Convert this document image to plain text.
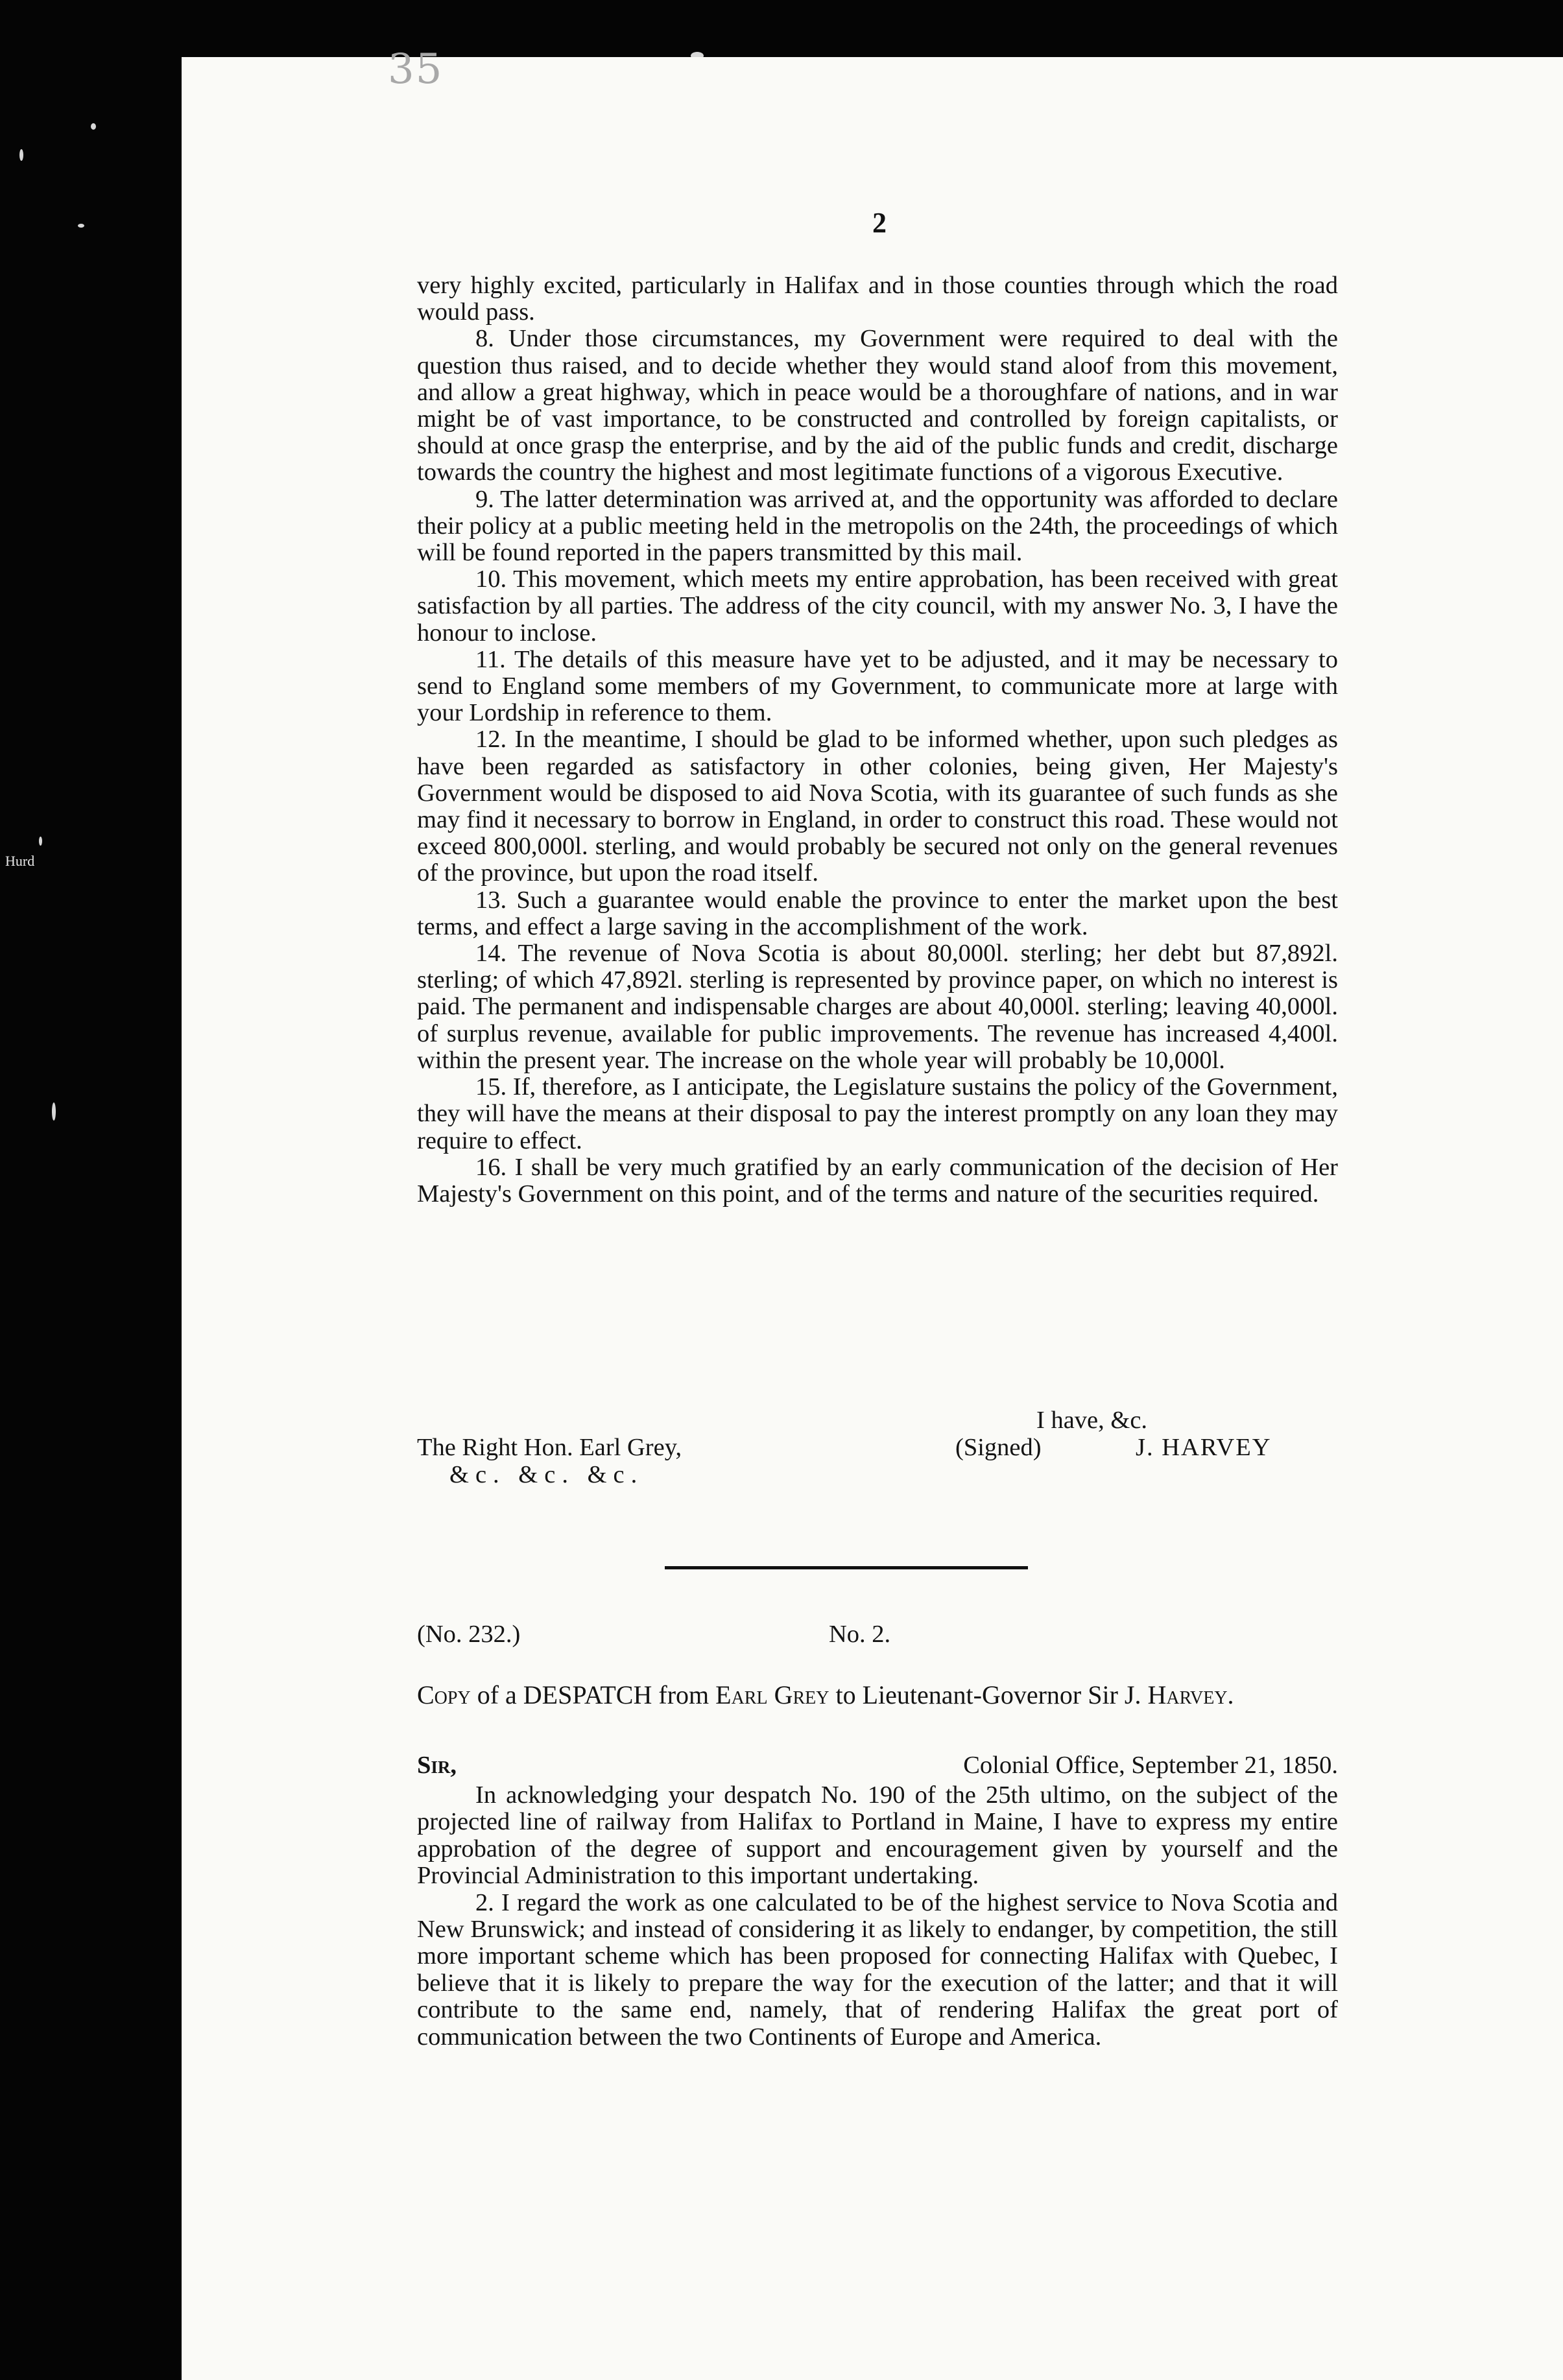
Hurd
35
2

very highly excited, particularly in Halifax and in those counties through which the road would pass.

8. Under those circumstances, my Government were required to deal with the question thus raised, and to decide whether they would stand aloof from this movement, and allow a great highway, which in peace would be a thoroughfare of nations, and in war might be of vast importance, to be constructed and controlled by foreign capitalists, or should at once grasp the enterprise, and by the aid of the public funds and credit, discharge towards the country the highest and most legitimate functions of a vigorous Executive.

9. The latter determination was arrived at, and the opportunity was afforded to declare their policy at a public meeting held in the metropolis on the 24th, the proceedings of which will be found reported in the papers transmitted by this mail.

10. This movement, which meets my entire approbation, has been received with great satisfaction by all parties. The address of the city council, with my answer No. 3, I have the honour to inclose.

11. The details of this measure have yet to be adjusted, and it may be necessary to send to England some members of my Government, to communicate more at large with your Lordship in reference to them.

12. In the meantime, I should be glad to be informed whether, upon such pledges as have been regarded as satisfactory in other colonies, being given, Her Majesty's Government would be disposed to aid Nova Scotia, with its guarantee of such funds as she may find it necessary to borrow in England, in order to construct this road. These would not exceed 800,000l. sterling, and would probably be secured not only on the general revenues of the province, but upon the road itself.

13. Such a guarantee would enable the province to enter the market upon the best terms, and effect a large saving in the accomplishment of the work.

14. The revenue of Nova Scotia is about 80,000l. sterling; her debt but 87,892l. sterling; of which 47,892l. sterling is represented by province paper, on which no interest is paid. The permanent and indispensable charges are about 40,000l. sterling; leaving 40,000l. of surplus revenue, available for public improvements. The revenue has increased 4,400l. within the present year. The increase on the whole year will probably be 10,000l.

15. If, therefore, as I anticipate, the Legislature sustains the policy of the Government, they will have the means at their disposal to pay the interest promptly on any loan they may require to effect.

16. I shall be very much gratified by an early communication of the decision of Her Majesty's Government on this point, and of the terms and nature of the securities required.

I have, &c.
The Right Hon. Earl Grey,
&c. &c. &c.
(Signed)	J. HARVEY
(No. 232.)	No. 2.
Copy of a DESPATCH from Earl Grey to Lieutenant-Governor Sir J. Harvey.
Sir,	Colonial Office, September 21, 1850.

In acknowledging your despatch No. 190 of the 25th ultimo, on the subject of the projected line of railway from Halifax to Portland in Maine, I have to express my entire approbation of the degree of support and encouragement given by yourself and the Provincial Administration to this important undertaking.

2. I regard the work as one calculated to be of the highest service to Nova Scotia and New Brunswick; and instead of considering it as likely to endanger, by competition, the still more important scheme which has been proposed for connecting Halifax with Quebec, I believe that it is likely to prepare the way for the execution of the latter; and that it will contribute to the same end, namely, that of rendering Halifax the great port of communication between the two Continents of Europe and America.
